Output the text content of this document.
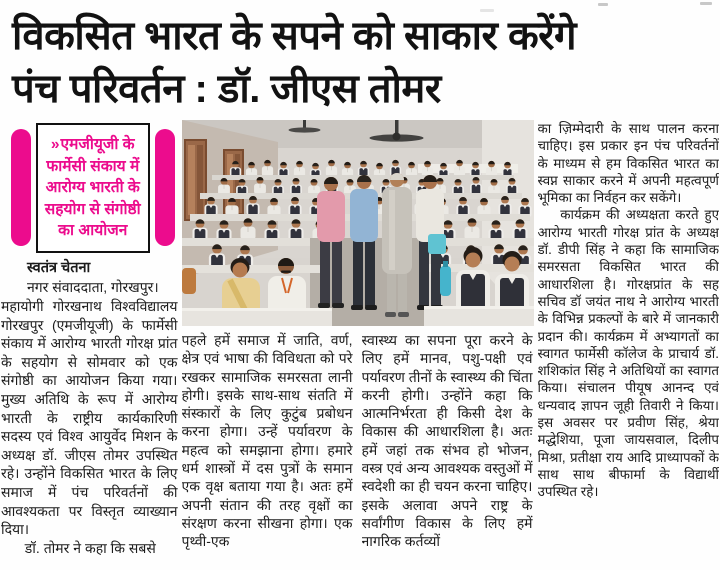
विकसित भारत के सपने को साकार करेंगे
पंच परिवर्तन : डॉ. जीएस तोमर
»एमजीयूजी के फार्मेसी संकाय में आरोग्य भारती के सहयोग से संगोष्ठी का आयोजन

स्वतंत्र चेतना

नगर संवाददाता, गोरखपुर।

महायोगी गोरखनाथ विश्वविद्यालय गोरखपुर (एमजीयूजी) के फार्मेसी संकाय में आरोग्य भारती गोरक्ष प्रांत के सहयोग से सोमवार को एक संगोष्ठी का आयोजन किया गया। मुख्य अतिथि के रूप में आरोग्य भारती के राष्ट्रीय कार्यकारिणी सदस्य एवं विश्व आयुर्वेद मिशन के अध्यक्ष डॉ. जीएस तोमर उपस्थित रहे। उन्होंने विकसित भारत के लिए समाज में पंच परिवर्तनों की आवश्यकता पर विस्तृत व्याख्यान दिया।

डॉ. तोमर ने कहा कि सबसे

पहले हमें समाज में जाति, वर्ण, क्षेत्र एवं भाषा की विविधता को परे रखकर सामाजिक समरसता लानी होगी। इसके साथ-साथ संतति में संस्कारों के लिए कुटुंब प्रबोधन करना होगा। उन्हें पर्यावरण के महत्व को समझाना होगा। हमारे धर्म शास्त्रों में दस पुत्रों के समान एक वृक्ष बताया गया है। अतः हमें अपनी संतान की तरह वृक्षों का संरक्षण करना सीखना होगा। एक पृथ्वी-एक

स्वास्थ्य का सपना पूरा करने के लिए हमें मानव, पशु-पक्षी एवं पर्यावरण तीनों के स्वास्थ्य की चिंता करनी होगी। उन्होंने कहा कि आत्मनिर्भरता ही किसी देश के विकास की आधारशिला है। अतः हमें जहां तक संभव हो भोजन, वस्त्र एवं अन्य आवश्यक वस्तुओं में स्वदेशी का ही चयन करना चाहिए। इसके अलावा अपने राष्ट्र के सर्वांगीण विकास के लिए हमें नागरिक कर्तव्यों

का ज़िम्मेदारी के साथ पालन करना चाहिए। इस प्रकार इन पंच परिवर्तनों के माध्यम से हम विकसित भारत का स्वप्न साकार करने में अपनी महत्वपूर्ण भूमिका का निर्वहन कर सकेंगे।

कार्यक्रम की अध्यक्षता करते हुए आरोग्य भारती गोरक्ष प्रांत के अध्यक्ष डॉ. डीपी सिंह ने कहा कि सामाजिक समरसता विकसित भारत की आधारशिला है। गोरक्षप्रांत के सह सचिव डॉ जयंत नाथ ने आरोग्य भारती के विभिन्न प्रकल्पों के बारे में जानकारी प्रदान की। कार्यक्रम में अभ्यागतों का स्वागत फार्मेसी कॉलेज के प्राचार्य डॉ. शशिकांत सिंह ने अतिथियों का स्वागत किया। संचालन पीयूष आनन्द एवं धन्यवाद ज्ञापन जूही तिवारी ने किया। इस अवसर पर प्रवीण सिंह, श्रेया मद्धेशिया, पूजा जायसवाल, दिलीप मिश्रा, प्रतीक्षा राय आदि प्राध्यापकों के साथ साथ बीफार्मा के विद्यार्थी उपस्थित रहे।
